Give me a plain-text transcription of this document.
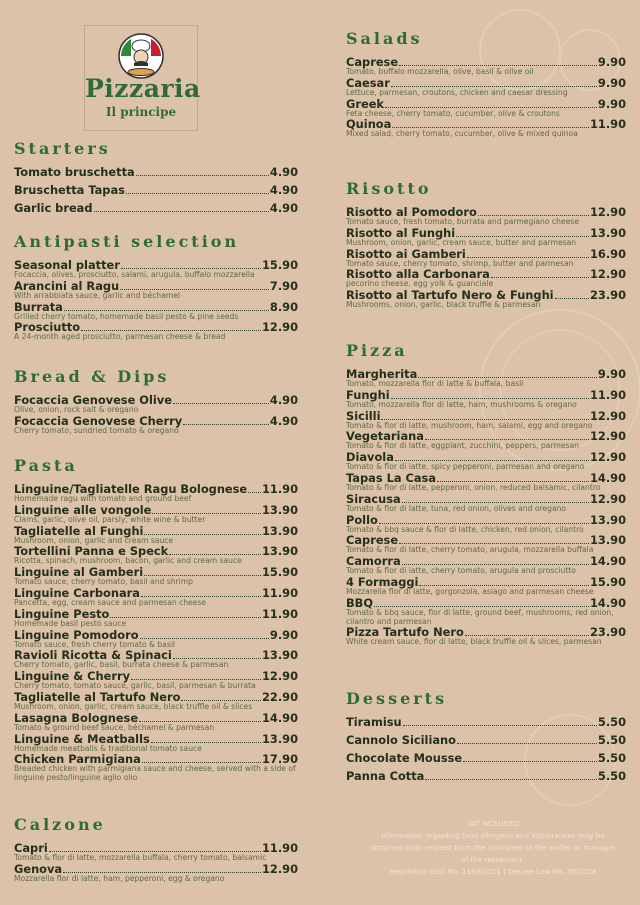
Pizzaria
Il principe
Starters
Tomato bruschetta	4.90
Bruschetta Tapas	4.90
Garlic bread	4.90
Antipasti selection
Seasonal platter	15.90
Focaccia, olives, prosciutto, salami, arugula, buffalo mozzarella
Arancini al Ragu	7.90
With arrabbiata sauce, garlic and béchamel
Burrata	8.90
Grilled cherry tomato, homemade basil pesto & pine seeds
Prosciutto	12.90
A 24-month aged prosciutto, parmesan cheese & bread
Bread & Dips
Focaccia Genovese Olive	4.90
Olive, onion, rock salt & oregano
Focaccia Genovese Cherry	4.90
Cherry tomato, sundried tomato & oregano
Pasta
Linguine/Tagliatelle Ragu Bolognese 11.90
Homemade ragu with tomato and ground beef
Linguine alle vongole	13.90
Clams, garlic, olive oil, parsly, white wine & butter
Tagliatelle al Funghi	13.90
Mushroom, onion, garlic and cream sauce
Tortellini Panna e Speck	13.90
Ricotta, spinach, mushroom, bacon, garlic and cream sauce
Linguine al Gamberi	15.90
Tomato sauce, cherry tomato, basil and shrimp
Linguine Carbonara	11.90
Pancetta, egg, cream sauce and parmesan cheese
Linguine Pesto	11.90
Homemade basil pesto sauce
Linguine Pomodoro	9.90
Tomato sauce, fresh cherry tomato & basil
Ravioli Ricotta & Spinaci	13.90
Cherry tomato, garlic, basil, burrata cheese & parmesan
Linguine & Cherry	12.90
Cherry tomato, tomato sauce, garlic, basil, parmesan & burrata
Tagliatelle al Tartufo Nero	22.90
Mushroom, onion, garlic, cream sauce, black truffle oil & slices
Lasagna Bolognese	14.90
Tomato & ground beef sauce, béchamel & parmesan
Linguine & Meatballs	13.90
Homemade meatballs & traditional tomato sauce
Chicken Parmigiana	17.90
Breaded chicken with parmigiana sauce and cheese, served with a side of linguine pesto/linguine aglio olio
Calzone
Capri	11.90
Tomato & flor di latte, mozzarella buffala, cherry tomato, balsamic
Genova	12.90
Mozzarella flor di latte, ham, pepperoni, egg & oregano
Salads
Caprese	9.90
Tomato, buffalo mozzarella, olive, basil & olive oil
Caesar	9.90
Lettuce, parmesan, croutons, chicken and caesar dressing
Greek	9.90
Feta cheese, cherry tomato, cucumber, olive & croutons
Quinoa	11.90
Mixed salad, cherry tomato, cucumber, olive & mixed quinoa
Risotto
Risotto al Pomodoro	12.90
Tomato sauce, fresh tomato, burrata and parmegiano cheese
Risotto al Funghi	13.90
Mushroom, onion, garlic, cream sauce, butter and parmesan
Risotto ai Gamberi	16.90
Tomato sauce, cherry tomato, shrimp, butter and parmesan
Risotto alla Carbonara	12.90
pecorino cheese, egg yolk & guanciale
Risotto al Tartufo Nero & Funghi	23.90
Mushrooms, onion, garlic, black truffle & parmesan
Pizza
Margherita	9.90
Tomato, mozzarella flor di latte & buffala, basil
Funghi	11.90
Tomato, mozzarella flor di latte, ham, mushrooms & oregano
Sicilli	12.90
Tomato & flor di latte, mushroom, ham, salami, egg and oregano
Vegetariana	12.90
Tomato & flor di latte, eggplant, zucchini, peppers, parmesan
Diavola	12.90
Tomato & flor di latte, spicy pepperoni, parmesan and oregano
Tapas La Casa	14.90
Tomato & flor di latte, pepperoni, onion, reduced balsamic, cilantro
Siracusa	12.90
Tomato & flor di latte, tuna, red onion, olives and oregano
Pollo	13.90
Tomato & bbq sauce & flor di latte, chicken, red onion, cilantro
Caprese	13.90
Tomato & flor di latte, cherry tomato, arugula, mozzarella buffala
Camorra	14.90
Tomato & flor di latte, cherry tomato, arugula and prosciutto
4 Formaggi	15.90
Mozzarella flor di latte, gorgonzola, asiago and parmesan cheese
BBQ	14.90
Tomato & bbq sauce, flor di latte, ground beef, mushrooms, red onion, cilantro and parmesan
Pizza Tartufo Nero	23.90
White cream sauce, flor di latte, black truffle oil & slices, parmesan
Desserts
Tiramisu	5.50
Cannolo Siciliano	5.50
Chocolate Mousse	5.50
Panna Cotta	5.50
VAT INCLUDED
Information regarding food allergens and intolerances may be
obtained upon request from the consumer to the waiter or manager
of the restaurant.
Regulation (EU) No. 1169/2011 | Decree-Law No. 26/2016
